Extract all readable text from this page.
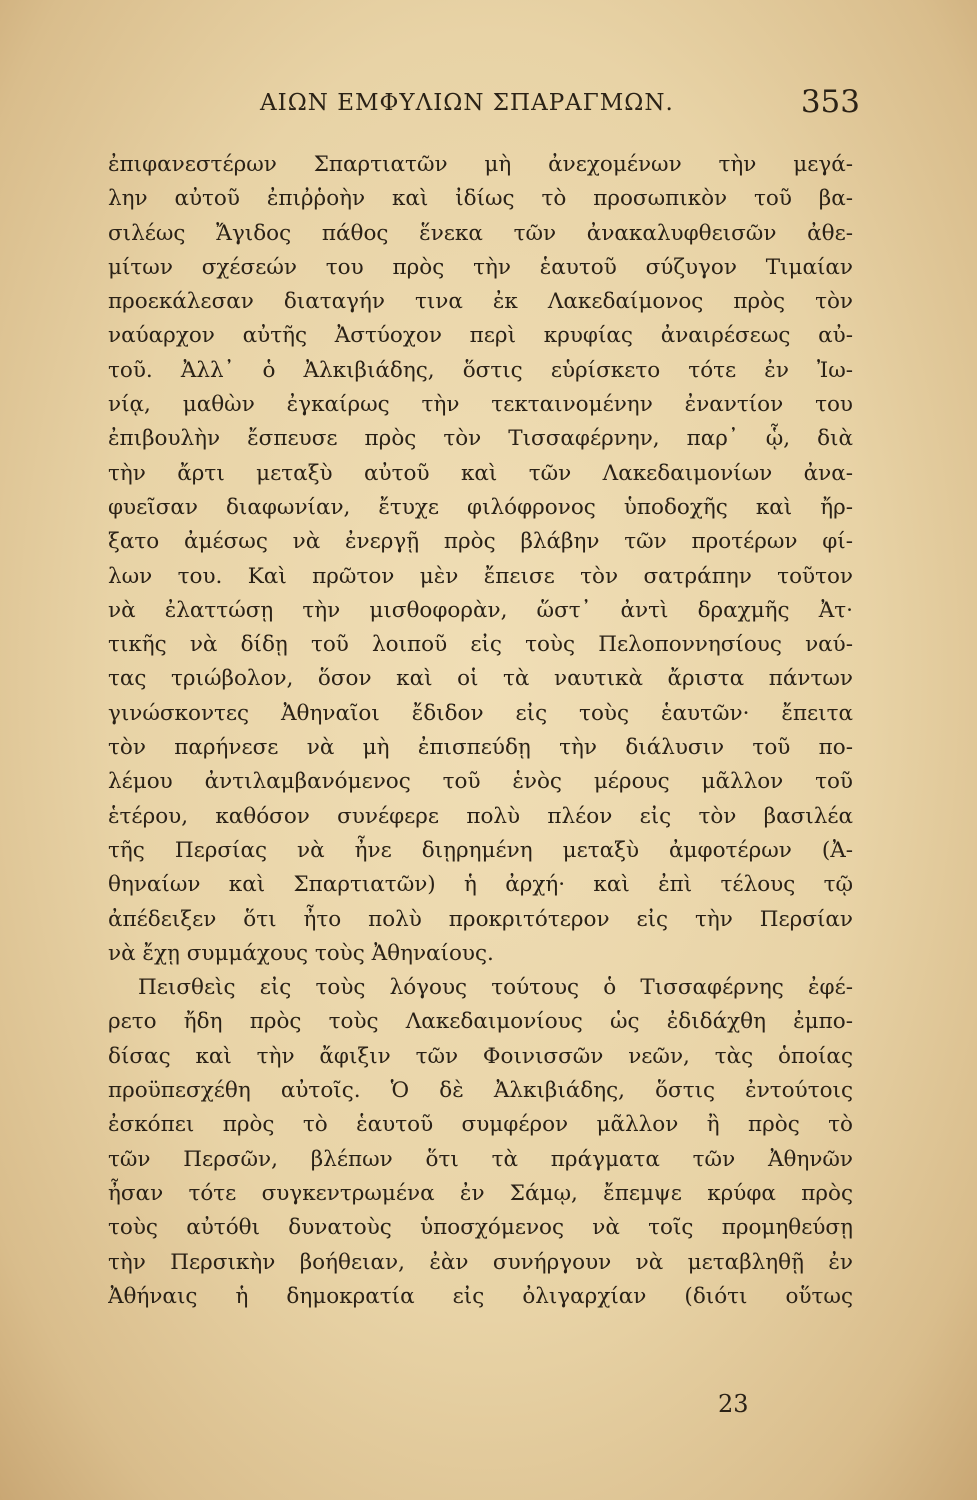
ΑΙΩΝ ΕΜΦΥΛΙΩΝ ΣΠΑΡΑΓΜΩΝ.	353
ἐπιφανεστέρων Σπαρτιατῶν μὴ ἀνεχομένων τὴν μεγά-
λην αὐτοῦ ἐπιῤῥοὴν καὶ ἰδίως τὸ προσωπικὸν τοῦ βα-
σιλέως Ἄγιδος πάθος ἕνεκα τῶν ἀνακαλυφθεισῶν ἀθε-
μίτων σχέσεών του πρὸς τὴν ἑαυτοῦ σύζυγον Τιμαίαν
προεκάλεσαν διαταγήν τινα ἐκ Λακεδαίμονος πρὸς τὸν
ναύαρχον αὐτῆς Ἀστύοχον περὶ κρυφίας ἀναιρέσεως αὐ-
τοῦ. Ἀλλ᾽ ὁ Ἀλκιβιάδης, ὅστις εὑρίσκετο τότε ἐν Ἰω-
νίᾳ, μαθὼν ἐγκαίρως τὴν τεκταινομένην ἐναντίον του
ἐπιβουλὴν ἔσπευσε πρὸς τὸν Τισσαφέρνην, παρ᾽ ᾧ, διὰ
τὴν ἄρτι μεταξὺ αὐτοῦ καὶ τῶν Λακεδαιμονίων ἀνα-
φυεῖσαν διαφωνίαν, ἔτυχε φιλόφρονος ὑποδοχῆς καὶ ἤρ-
ξατο ἀμέσως νὰ ἐνεργῇ πρὸς βλάβην τῶν προτέρων φί-
λων του. Καὶ πρῶτον μὲν ἔπεισε τὸν σατράπην τοῦτον
νὰ ἐλαττώσῃ τὴν μισθοφορὰν, ὥστ᾽ ἀντὶ δραχμῆς Ἀτ·
τικῆς νὰ δίδῃ τοῦ λοιποῦ εἰς τοὺς Πελοποννησίους ναύ-
τας τριώβολον, ὅσον καὶ οἱ τὰ ναυτικὰ ἄριστα πάντων
γινώσκοντες Ἀθηναῖοι ἔδιδον εἰς τοὺς ἑαυτῶν· ἔπειτα
τὸν παρήνεσε νὰ μὴ ἐπισπεύδῃ τὴν διάλυσιν τοῦ πο-
λέμου ἀντιλαμβανόμενος τοῦ ἑνὸς μέρους μᾶλλον τοῦ
ἑτέρου, καθόσον συνέφερε πολὺ πλέον εἰς τὸν βασιλέα
τῆς Περσίας νὰ ἦνε διῃρημένη μεταξὺ ἀμφοτέρων (Ἀ-
θηναίων καὶ Σπαρτιατῶν) ἡ ἀρχή· καὶ ἐπὶ τέλους τῷ
ἀπέδειξεν ὅτι ἦτο πολὺ προκριτότερον εἰς τὴν Περσίαν
νὰ ἔχῃ συμμάχους τοὺς Ἀθηναίους.
Πεισθεὶς εἰς τοὺς λόγους τούτους ὁ Τισσαφέρνης ἐφέ-
ρετο ἤδη πρὸς τοὺς Λακεδαιμονίους ὡς ἐδιδάχθη ἐμπο-
δίσας καὶ τὴν ἄφιξιν τῶν Φοινισσῶν νεῶν, τὰς ὁποίας
προϋπεσχέθη αὐτοῖς. Ὁ δὲ Ἀλκιβιάδης, ὅστις ἐντούτοις
ἐσκόπει πρὸς τὸ ἑαυτοῦ συμφέρον μᾶλλον ἢ πρὸς τὸ
τῶν Περσῶν, βλέπων ὅτι τὰ πράγματα τῶν Ἀθηνῶν
ἦσαν τότε συγκεντρωμένα ἐν Σάμῳ, ἔπεμψε κρύφα πρὸς
τοὺς αὐτόθι δυνατοὺς ὑποσχόμενος νὰ τοῖς προμηθεύσῃ
τὴν Περσικὴν βοήθειαν, ἐὰν συνήργουν νὰ μεταβληθῇ ἐν
Ἀθήναις ἡ δημοκρατία εἰς ὀλιγαρχίαν (διότι οὕτως
23
